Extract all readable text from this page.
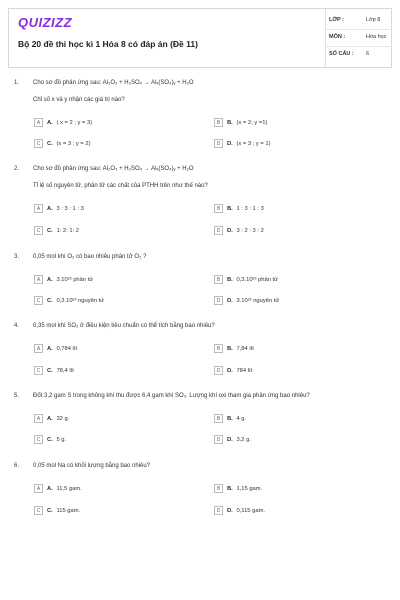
QUIZIZZ
Bộ 20 đề thi học kì 1 Hóa 8 có đáp án (Đề 11)
LỚP :	Lớp 8
MÔN :	Hóa học
SỐ CÂU : 6
1. Cho sơ đồ phản ứng sau: Al₂O₃ + H₂SO₄ → Alₓ(SO₄)ᵧ + H₂O
Chỉ số x và y nhận các giá trị nào?
A A. ( x = 2 ; y = 3)	B B. (x = 2; y =1)
C C. (x = 3 ; y = 2)	D D. (x = 3 ; y = 1)
2. Cho sơ đồ phản ứng sau: Al₂O₃ + H₂SO₄ → Alₓ(SO₄)ᵧ + H₂O
Tỉ lệ số nguyên tử, phân tử các chất của PTHH trên như thế nào?
A A. 3 : 3 : 1 : 3	B B. 1 : 3 : 1 : 3
C C. 1: 2: 1: 2	D D. 3 : 2 : 3 : 2
3. 0,05 mol khí O₂ có bao nhiêu phân tử O₂ ?
A A. 3.10²³ phân tử	B B. 0,3.10²³ phân tử
C C. 0,3.10²³ nguyên tử	D D. 3.10²³ nguyên tử
4. 0,35 mol khí SO₂ ở điều kiện tiêu chuẩn có thể tích bằng bao nhiêu?
A A. 0,784 lít	B B. 7,84 lít
C C. 78,4 lít	D D. 784 lít
5. Đốt 3,2 gam S trong không khí thu được 6,4 gam khí SO₂. Lượng khí oxi tham gia phản ứng bao nhiêu?
A A. 32 g.	B B. 4 g.
C C. 5 g.	D D. 3,2 g.
6. 0,05 mol Na có khối lượng bằng bao nhiêu?
A A. 11,5 gam.	B B. 1,15 gam.
C C. 115 gam.	D D. 0,115 gam.
